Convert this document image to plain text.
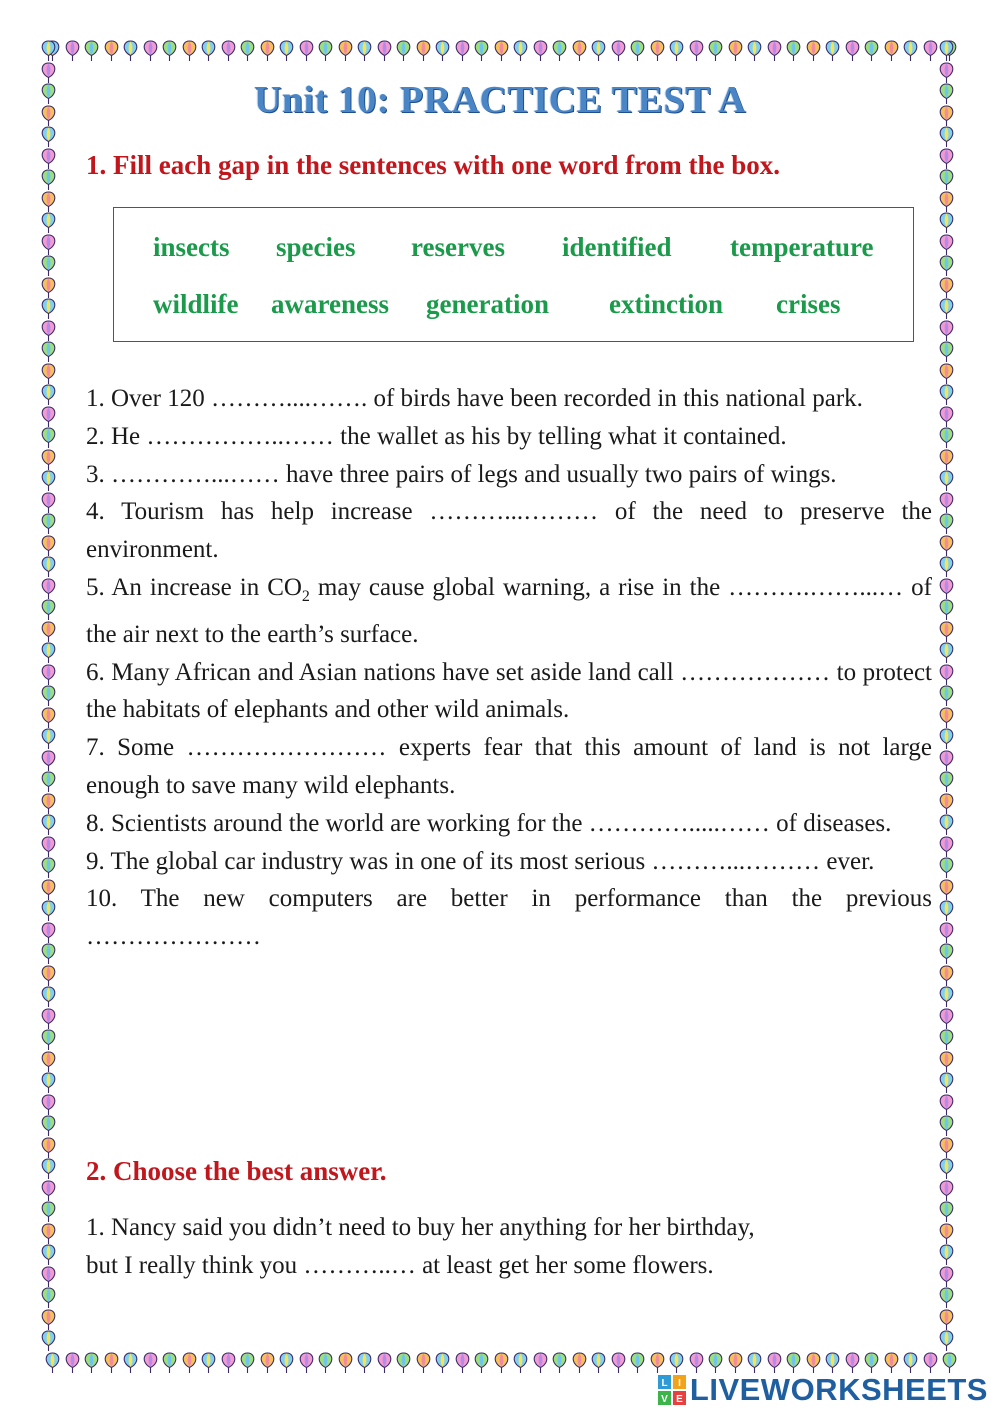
Unit 10: PRACTICE TEST A
1. Fill each gap in the sentences with one word from the box.
insects species reserves identified temperature
wildlife awareness generation extinction crises

1. Over 120 ………....……. of birds have been recorded in this national park.

2. He ……………..…… the wallet as his by telling what it contained.

3. …………...…… have three pairs of legs and usually two pairs of wings.

4. Tourism has help increase ………...……… of the need to preserve the environment.

5. An increase in $CO_2$ may cause global warning, a rise in the ……….……...… of the air next to the earth’s surface.

6. Many African and Asian nations have set aside land call ……………… to protect the habitats of elephants and other wild animals.

7. Some …………………… experts fear that this amount of land is not large enough to save many wild elephants.

8. Scientists around the world are working for the ………….....…… of diseases.

9. The global car industry was in one of its most serious ………...……… ever.

10. The new computers are better in performance than the previous …………………

2. Choose the best answer.

1. Nancy said you didn’t need to buy her anything for her birthday,

but I really think you ………..… at least get her some flowers.

L I
V E LIVEWORKSHEETS
